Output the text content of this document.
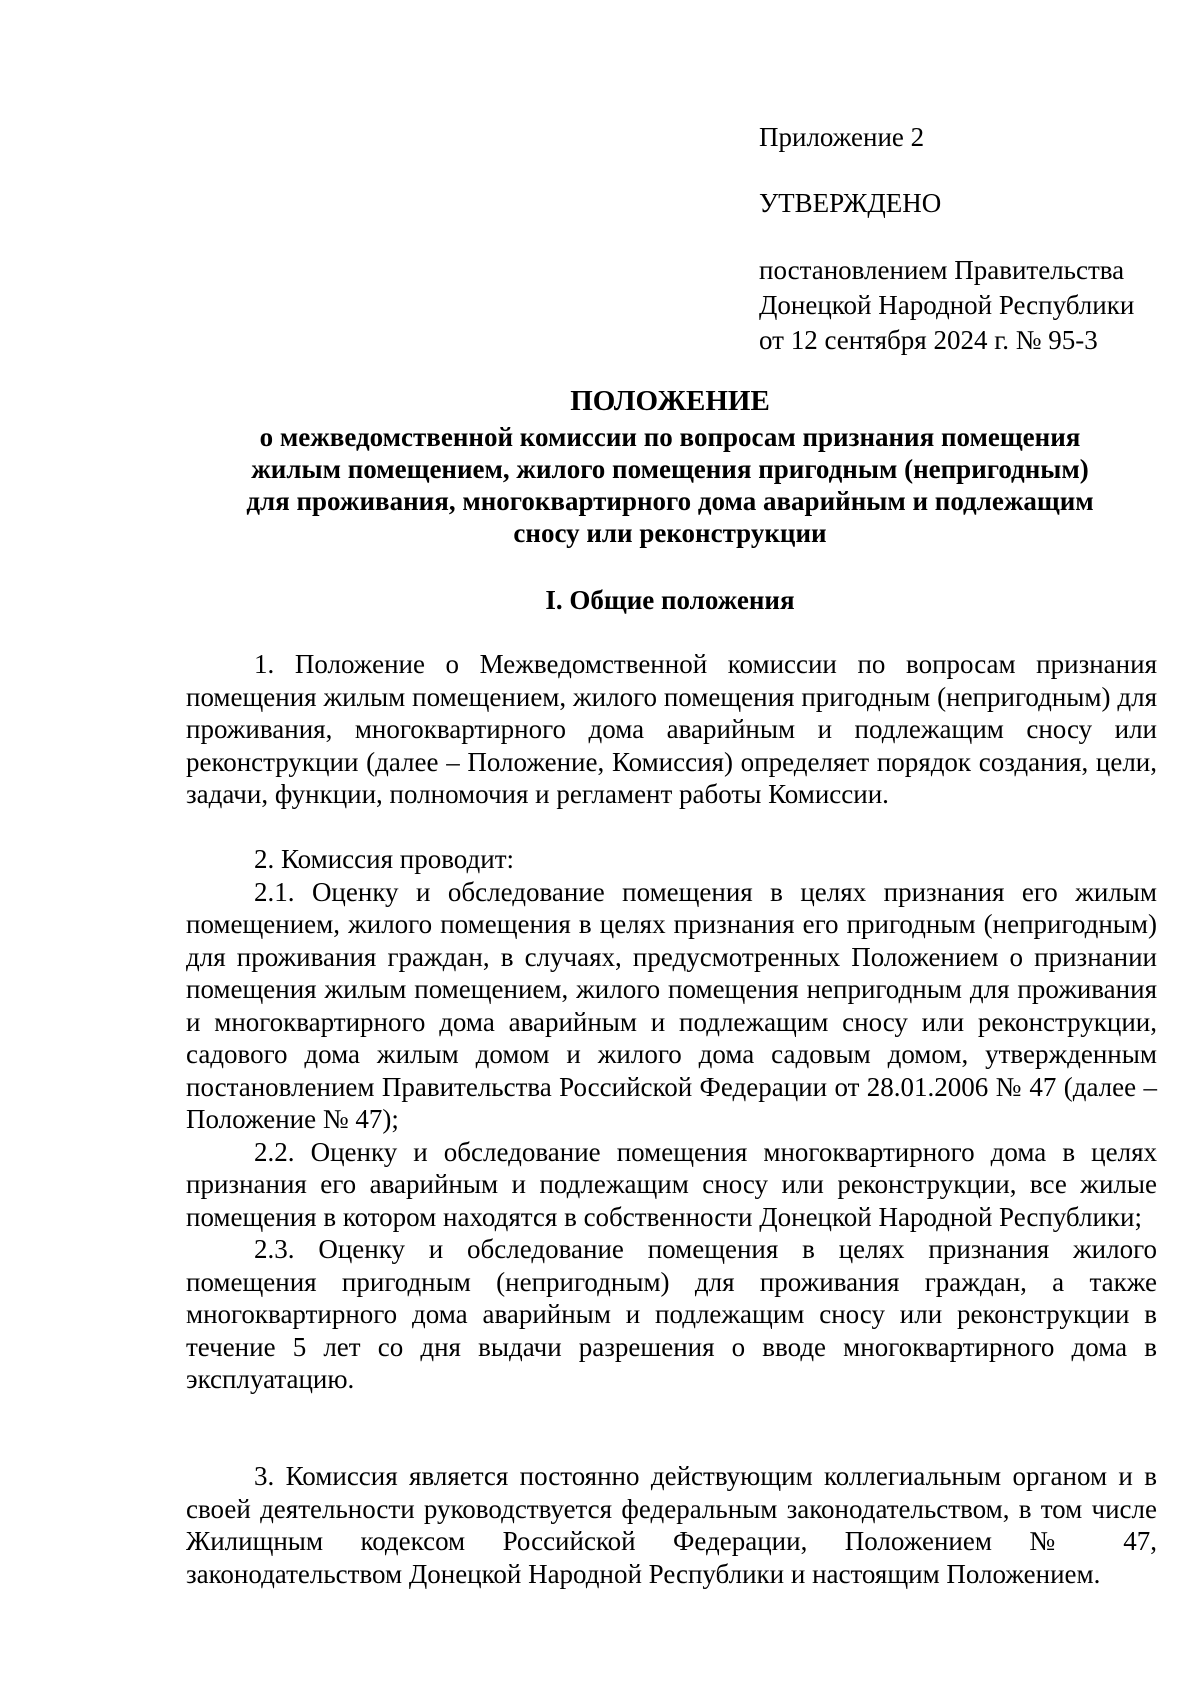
Приложение 2
УТВЕРЖДЕНО
постановлением Правительства
Донецкой Народной Республики
от 12 сентября 2024 г. № 95-3
ПОЛОЖЕНИЕ
о межведомственной комиссии по вопросам признания помещения
жилым помещением, жилого помещения пригодным (непригодным)
для проживания, многоквартирного дома аварийным и подлежащим
сносу или реконструкции
I. Общие положения

1. Положение о Межведомственной комиссии по вопросам признания помещения жилым помещением, жилого помещения пригодным (непригодным) для проживания, многоквартирного дома аварийным и подлежащим сносу или реконструкции (далее – Положение, Комиссия) определяет порядок создания, цели, задачи, функции, полномочия и регламент работы Комиссии.

2. Комиссия проводит:

2.1. Оценку и обследование помещения в целях признания его жилым помещением, жилого помещения в целях признания его пригодным (непригодным) для проживания граждан, в случаях, предусмотренных Положением о признании помещения жилым помещением, жилого помещения непригодным для проживания и многоквартирного дома аварийным и подлежащим сносу или реконструкции, садового дома жилым домом и жилого дома садовым домом, утвержденным постановлением Правительства Российской Федерации от 28.01.2006 № 47 (далее – Положение № 47);

2.2. Оценку и обследование помещения многоквартирного дома в целях признания его аварийным и подлежащим сносу или реконструкции, все жилые помещения в котором находятся в собственности Донецкой Народной Республики;

2.3. Оценку и обследование помещения в целях признания жилого помещения пригодным (непригодным) для проживания граждан, а также многоквартирного дома аварийным и подлежащим сносу или реконструкции в течение 5 лет со дня выдачи разрешения о вводе многоквартирного дома в эксплуатацию.

3. Комиссия является постоянно действующим коллегиальным органом и в своей деятельности руководствуется федеральным законодательством, в том числе Жилищным кодексом Российской Федерации, Положением № 47, законодательством Донецкой Народной Республики и настоящим Положением.
